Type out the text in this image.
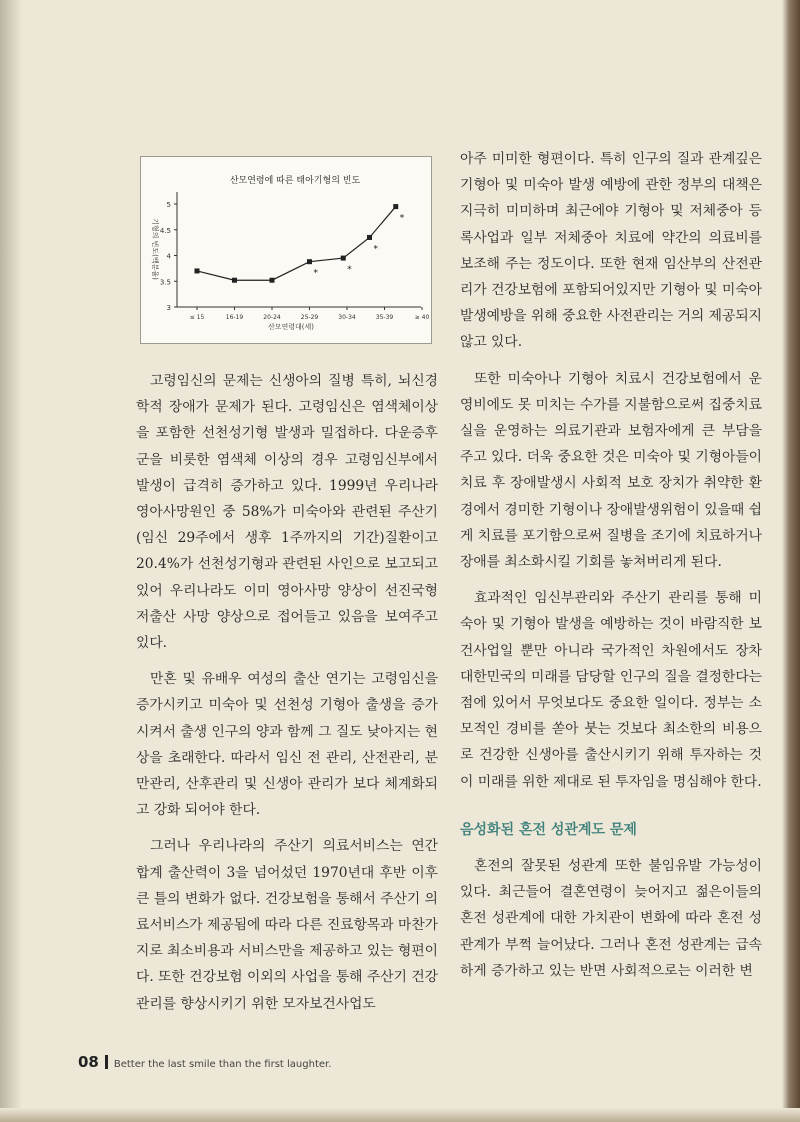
산모연령에 따른 태아기형의 빈도
기형의 빈도(백분율)
산모연령대(세)
3
3.5
4
4.5
5
≤ 15	16-19	20-24	25-29	30-34	35-39	≥ 40
*	*
*
*

고령임신의 문제는 신생아의 질병 특히, 뇌신경학적 장애가 문제가 된다. 고령임신은 염색체이상을 포함한 선천성기형 발생과 밀접하다. 다운증후군을 비롯한 염색체 이상의 경우 고령임신부에서 발생이 급격히 증가하고 있다. 1999년 우리나라 영아사망원인 중 58%가 미숙아와 관련된 주산기(임신 29주에서 생후 1주까지의 기간)질환이고 20.4%가 선천성기형과 관련된 사인으로 보고되고 있어 우리나라도 이미 영아사망 양상이 선진국형 저출산 사망 양상으로 접어들고 있음을 보여주고 있다.

만혼 및 유배우 여성의 출산 연기는 고령임신을 증가시키고 미숙아 및 선천성 기형아 출생을 증가시켜서 출생 인구의 양과 함께 그 질도 낮아지는 현상을 초래한다. 따라서 임신 전 관리, 산전관리, 분만관리, 산후관리 및 신생아 관리가 보다 체계화되고 강화 되어야 한다.

그러나 우리나라의 주산기 의료서비스는 연간 합계 출산력이 3을 넘어섰던 1970년대 후반 이후 큰 틀의 변화가 없다. 건강보험을 통해서 주산기 의료서비스가 제공됨에 따라 다른 진료항목과 마찬가지로 최소비용과 서비스만을 제공하고 있는 형편이다. 또한 건강보험 이외의 사업을 통해 주산기 건강관리를 향상시키기 위한 모자보건사업도

아주 미미한 형편이다. 특히 인구의 질과 관계깊은 기형아 및 미숙아 발생 예방에 관한 정부의 대책은 지극히 미미하며 최근에야 기형아 및 저체중아 등록사업과 일부 저체중아 치료에 약간의 의료비를 보조해 주는 정도이다. 또한 현재 임산부의 산전관리가 건강보험에 포함되어있지만 기형아 및 미숙아 발생예방을 위해 중요한 사전관리는 거의 제공되지 않고 있다.

또한 미숙아나 기형아 치료시 건강보험에서 운영비에도 못 미치는 수가를 지불함으로써 집중치료실을 운영하는 의료기관과 보험자에게 큰 부담을 주고 있다. 더욱 중요한 것은 미숙아 및 기형아들이 치료 후 장애발생시 사회적 보호 장치가 취약한 환경에서 경미한 기형이나 장애발생위험이 있을때 쉽게 치료를 포기함으로써 질병을 조기에 치료하거나 장애를 최소화시킬 기회를 놓쳐버리게 된다.

효과적인 임신부관리와 주산기 관리를 통해 미숙아 및 기형아 발생을 예방하는 것이 바람직한 보건사업일 뿐만 아니라 국가적인 차원에서도 장차 대한민국의 미래를 담당할 인구의 질을 결정한다는 점에 있어서 무엇보다도 중요한 일이다. 정부는 소모적인 경비를 쏟아 붓는 것보다 최소한의 비용으로 건강한 신생아를 출산시키기 위해 투자하는 것이 미래를 위한 제대로 된 투자임을 명심해야 한다.

음성화된 혼전 성관계도 문제

혼전의 잘못된 성관계 또한 불임유발 가능성이 있다. 최근들어 결혼연령이 늦어지고 젊은이들의 혼전 성관계에 대한 가치관이 변화에 따라 혼전 성관계가 부쩍 늘어났다. 그러나 혼전 성관계는 급속하게 증가하고 있는 반면 사회적으로는 이러한 변

08 Better the last smile than the first laughter.
